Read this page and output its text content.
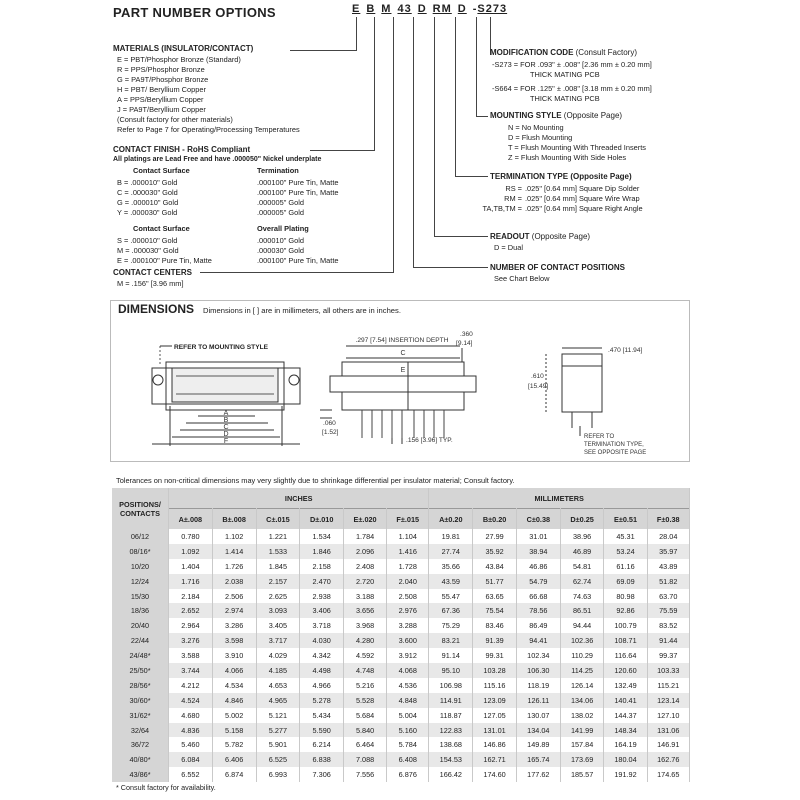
PART NUMBER OPTIONS	E B M 43 D RM D -S273
MATERIALS (INSULATOR/CONTACT)
E = PBT/Phosphor Bronze (Standard)
R = PPS/Phosphor Bronze
G = PA9T/Phosphor Bronze
H = PBT/ Beryllium Copper
A = PPS/Beryllium Copper
J = PA9T/Beryllium Copper
(Consult factory for other materials)
Refer to Page 7 for Operating/Processing Temperatures
CONTACT FINISH - RoHS Compliant
All platings are Lead Free and have .000050" Nickel underplate
Contact Surface	Termination
B = .000010" Gold	.000100" Pure Tin, Matte
C = .000030" Gold	.000100" Pure Tin, Matte
G = .000010" Gold	.000005" Gold
Y = .000030" Gold	.000005" Gold
Contact Surface	Overall Plating
S = .000010" Gold	.000010" Gold
M = .000030" Gold	.000030" Gold
E = .000100" Pure Tin, Matte	.000100" Pure Tin, Matte
CONTACT CENTERS
M = .156" [3.96 mm]
MODIFICATION CODE (Consult Factory)
-S273 = FOR .093" ± .008" [2.36 mm ± 0.20 mm]
THICK MATING PCB
-S664 = FOR .125" ± .008" [3.18 mm ± 0.20 mm]
THICK MATING PCB
MOUNTING STYLE (Opposite Page)
N = No Mounting
D = Flush Mounting
T = Flush Mounting With Threaded Inserts
Z = Flush Mounting With Side Holes
TERMINATION TYPE (Opposite Page)
RS = .025" [0.64 mm] Square Dip Solder
RM = .025" [0.64 mm] Square Wire Wrap
TA,TB,TM = .025" [0.64 mm] Square Right Angle
READOUT (Opposite Page)
D = Dual
NUMBER OF CONTACT POSITIONS
See Chart Below
DIMENSIONS Dimensions in [ ] are in millimeters, all others are in inches.
A
B
C
D
F
REFER TO MOUNTING STYLE
.297 [7.54] INSERTION DEPTH
C
E
.360
[9.14]
.060
[1.52]
.156 [3.96] TYP.
.470 [11.94]
.610
[15.49]
REFER TO
TERMINATION TYPE,
SEE OPPOSITE PAGE
Tolerances on non-critical dimensions may very slightly due to shrinkage differential per insulator material; Consult factory.
POSITIONS/
CONTACTS	INCHES						MILLIMETERS					
	A±.008	B±.008	C±.015	D±.010	E±.020	F±.015	A±0.20	B±0.20	C±0.38	D±0.25	E±0.51	F±0.38
06/12	0.780	1.102	1.221	1.534	1.784	1.104	19.81	27.99	31.01	38.96	45.31	28.04
08/16*	1.092	1.414	1.533	1.846	2.096	1.416	27.74	35.92	38.94	46.89	53.24	35.97
10/20	1.404	1.726	1.845	2.158	2.408	1.728	35.66	43.84	46.86	54.81	61.16	43.89
12/24	1.716	2.038	2.157	2.470	2.720	2.040	43.59	51.77	54.79	62.74	69.09	51.82
15/30	2.184	2.506	2.625	2.938	3.188	2.508	55.47	63.65	66.68	74.63	80.98	63.70
18/36	2.652	2.974	3.093	3.406	3.656	2.976	67.36	75.54	78.56	86.51	92.86	75.59
20/40	2.964	3.286	3.405	3.718	3.968	3.288	75.29	83.46	86.49	94.44	100.79	83.52
22/44	3.276	3.598	3.717	4.030	4.280	3.600	83.21	91.39	94.41	102.36	108.71	91.44
24/48*	3.588	3.910	4.029	4.342	4.592	3.912	91.14	99.31	102.34	110.29	116.64	99.37
25/50*	3.744	4.066	4.185	4.498	4.748	4.068	95.10	103.28	106.30	114.25	120.60	103.33
28/56*	4.212	4.534	4.653	4.966	5.216	4.536	106.98	115.16	118.19	126.14	132.49	115.21
30/60*	4.524	4.846	4.965	5.278	5.528	4.848	114.91	123.09	126.11	134.06	140.41	123.14
31/62*	4.680	5.002	5.121	5.434	5.684	5.004	118.87	127.05	130.07	138.02	144.37	127.10
32/64	4.836	5.158	5.277	5.590	5.840	5.160	122.83	131.01	134.04	141.99	148.34	131.06
36/72	5.460	5.782	5.901	6.214	6.464	5.784	138.68	146.86	149.89	157.84	164.19	146.91
40/80*	6.084	6.406	6.525	6.838	7.088	6.408	154.53	162.71	165.74	173.69	180.04	162.76
43/86*	6.552	6.874	6.993	7.306	7.556	6.876	166.42	174.60	177.62	185.57	191.92	174.65
* Consult factory for availability.
